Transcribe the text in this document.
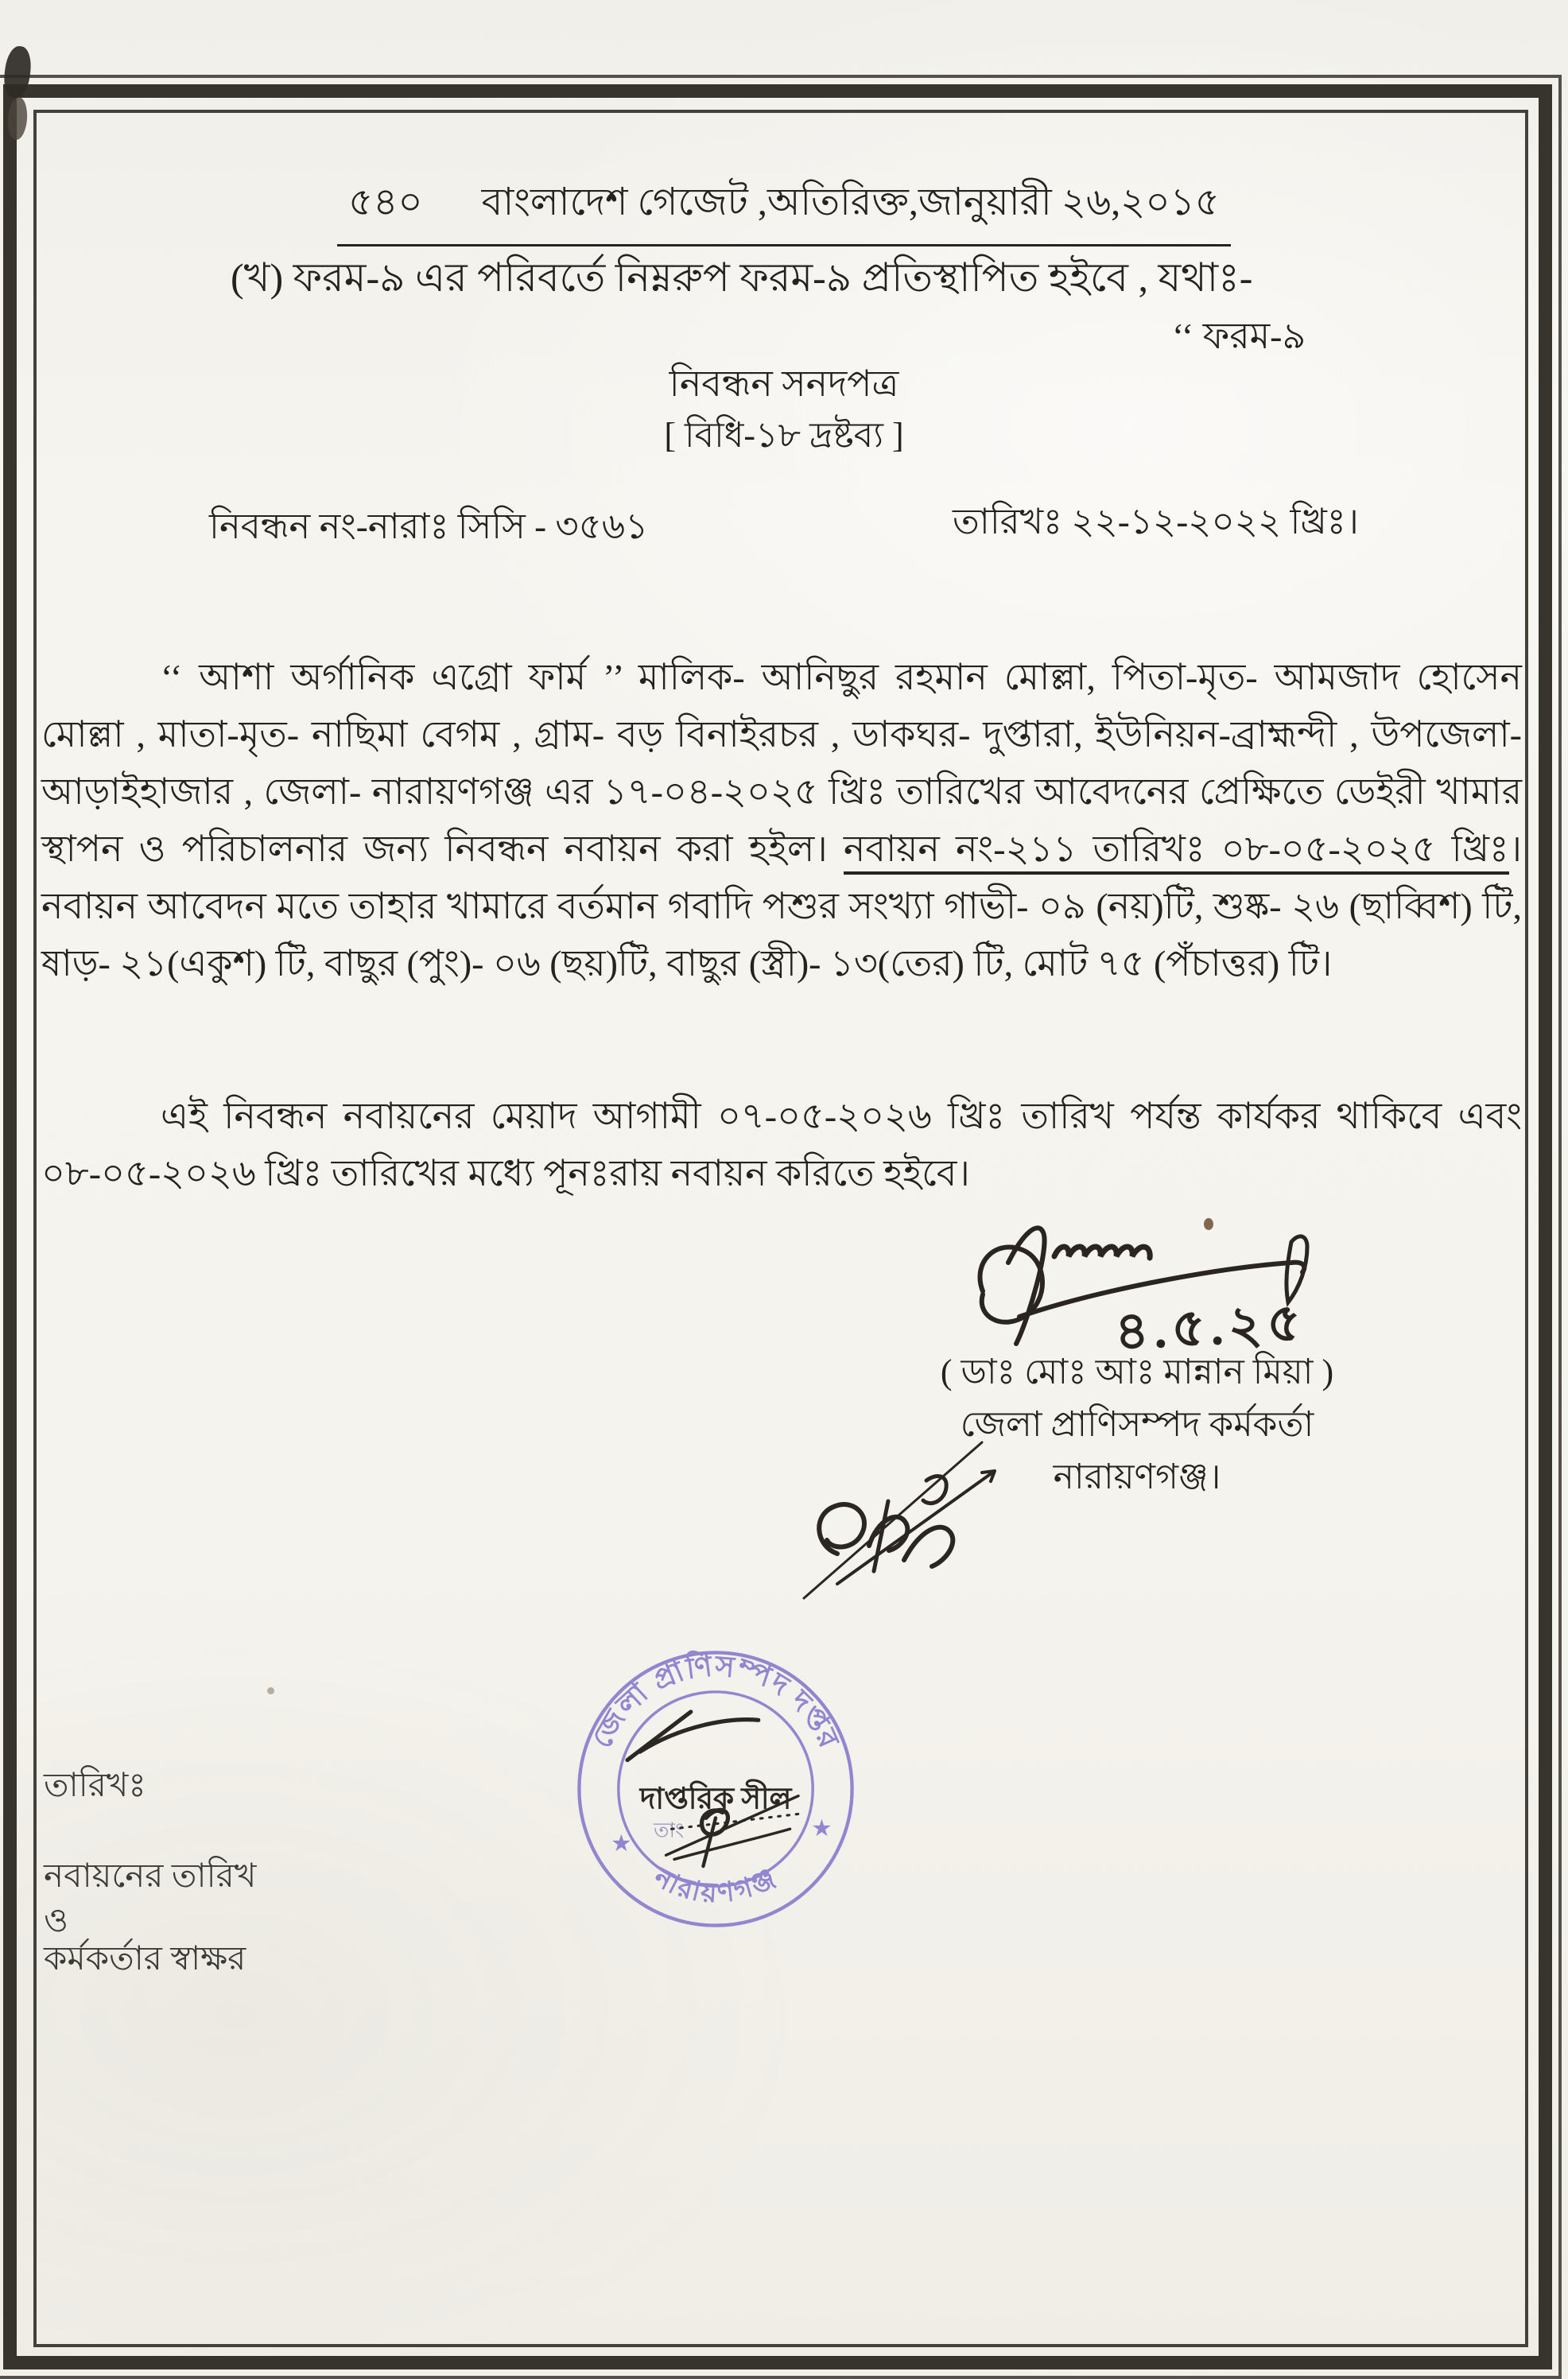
৫৪০ বাংলাদেশ গেজেট ,অতিরিক্ত,জানুয়ারী ২৬,২০১৫
(খ) ফরম-৯ এর পরিবর্তে নিম্নরুপ ফরম-৯ প্রতিস্থাপিত হইবে , যথাঃ-
‘‘ ফরম-৯
নিবন্ধন সনদপত্র
[ বিধি-১৮ দ্রষ্টব্য ]
নিবন্ধন নং-নারাঃ সিসি - ৩৫৬১	তারিখঃ ২২-১২-২০২২ খ্রিঃ।

‘‘ আশা অর্গানিক এগ্রো ফার্ম ’’ মালিক- আনিছুর রহমান মোল্লা, পিতা-মৃত- আমজাদ হোসেন মোল্লা , মাতা-মৃত- নাছিমা বেগম , গ্রাম- বড় বিনাইরচর , ডাকঘর- দুপ্তারা, ইউনিয়ন-ব্রাহ্মন্দী , উপজেলা- আড়াইহাজার , জেলা- নারায়ণগঞ্জ এর ১৭-০৪-২০২৫ খ্রিঃ তারিখের আবেদনের প্রেক্ষিতে ডেইরী খামার স্থাপন ও পরিচালনার জন্য নিবন্ধন নবায়ন করা হইল। নবায়ন নং-২১১ তারিখঃ ০৮-০৫-২০২৫ খ্রিঃ। নবায়ন আবেদন মতে তাহার খামারে বর্তমান গবাদি পশুর সংখ্যা গাভী- ০৯ (নয়)টি, শুষ্ক- ২৬ (ছাব্বিশ) টি, ষাড়- ২১(একুশ) টি, বাছুর (পুং)- ০৬ (ছয়)টি, বাছুর (স্ত্রী)- ১৩(তের) টি, মোট ৭৫ (পঁচাত্তর) টি।

এই নিবন্ধন নবায়নের মেয়াদ আগামী ০৭-০৫-২০২৬ খ্রিঃ তারিখ পর্যন্ত কার্যকর থাকিবে এবং ০৮-০৫-২০২৬ খ্রিঃ তারিখের মধ্যে পূনঃরায় নবায়ন করিতে হইবে।

৪.৫.২৫
( ডাঃ মোঃ আঃ মান্নান মিয়া )
জেলা প্রাণিসম্পদ কর্মকর্তা
নারায়ণগঞ্জ।
জেলা প্রাণিসম্পদ দপ্তর
নারায়ণগঞ্জ
★
★
তাং
দাপ্তরিক সীল
তারিখঃ
নবায়নের তারিখ
ও
কর্মকর্তার স্বাক্ষর
